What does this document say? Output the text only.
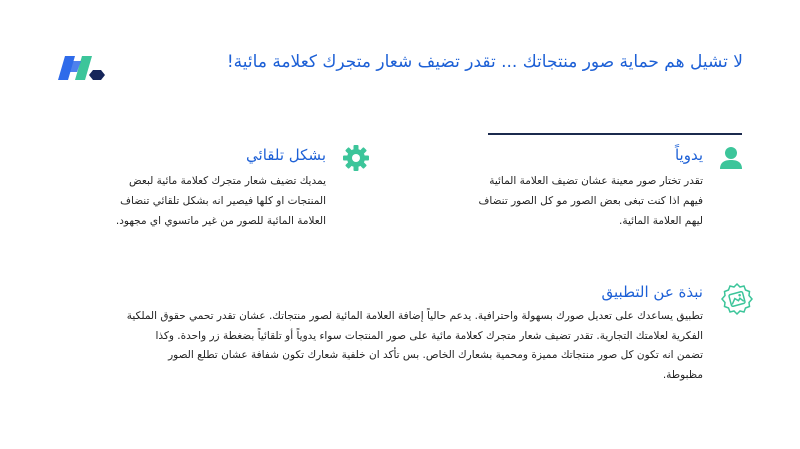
لا تشيل هم حماية صور منتجاتك ... تقدر تضيف شعار متجرك كعلامة مائية!
يدوياً
تقدر تختار صور معينة عشان تضيف العلامة المائية
فيهم اذا كنت تبغى بعض الصور مو كل الصور تنضاف
ليهم العلامة المائية.
بشكل تلقائي
يمديك تضيف شعار متجرك كعلامة مائية لبعض
المنتجات او كلها فيصير انه بشكل تلقائي تنضاف
العلامة المائية للصور من غير ماتسوي اي مجهود.
نبذة عن التطبيق
تطبيق يساعدك على تعديل صورك بسهولة واحترافية. يدعم حالياً إضافة العلامة المائية لصور منتجاتك. عشان تقدر تحمي حقوق الملكية
الفكرية لعلامتك التجارية. تقدر تضيف شعار متجرك كعلامة مائية على صور المنتجات سواء يدوياً أو تلقائياً بضغطة زر واحدة. وكذا
تضمن انه تكون كل صور منتجاتك مميزة ومحمية بشعارك الخاص. بس تأكد ان خلفية شعارك تكون شفافة عشان تطلع الصور
مظبوطة.
